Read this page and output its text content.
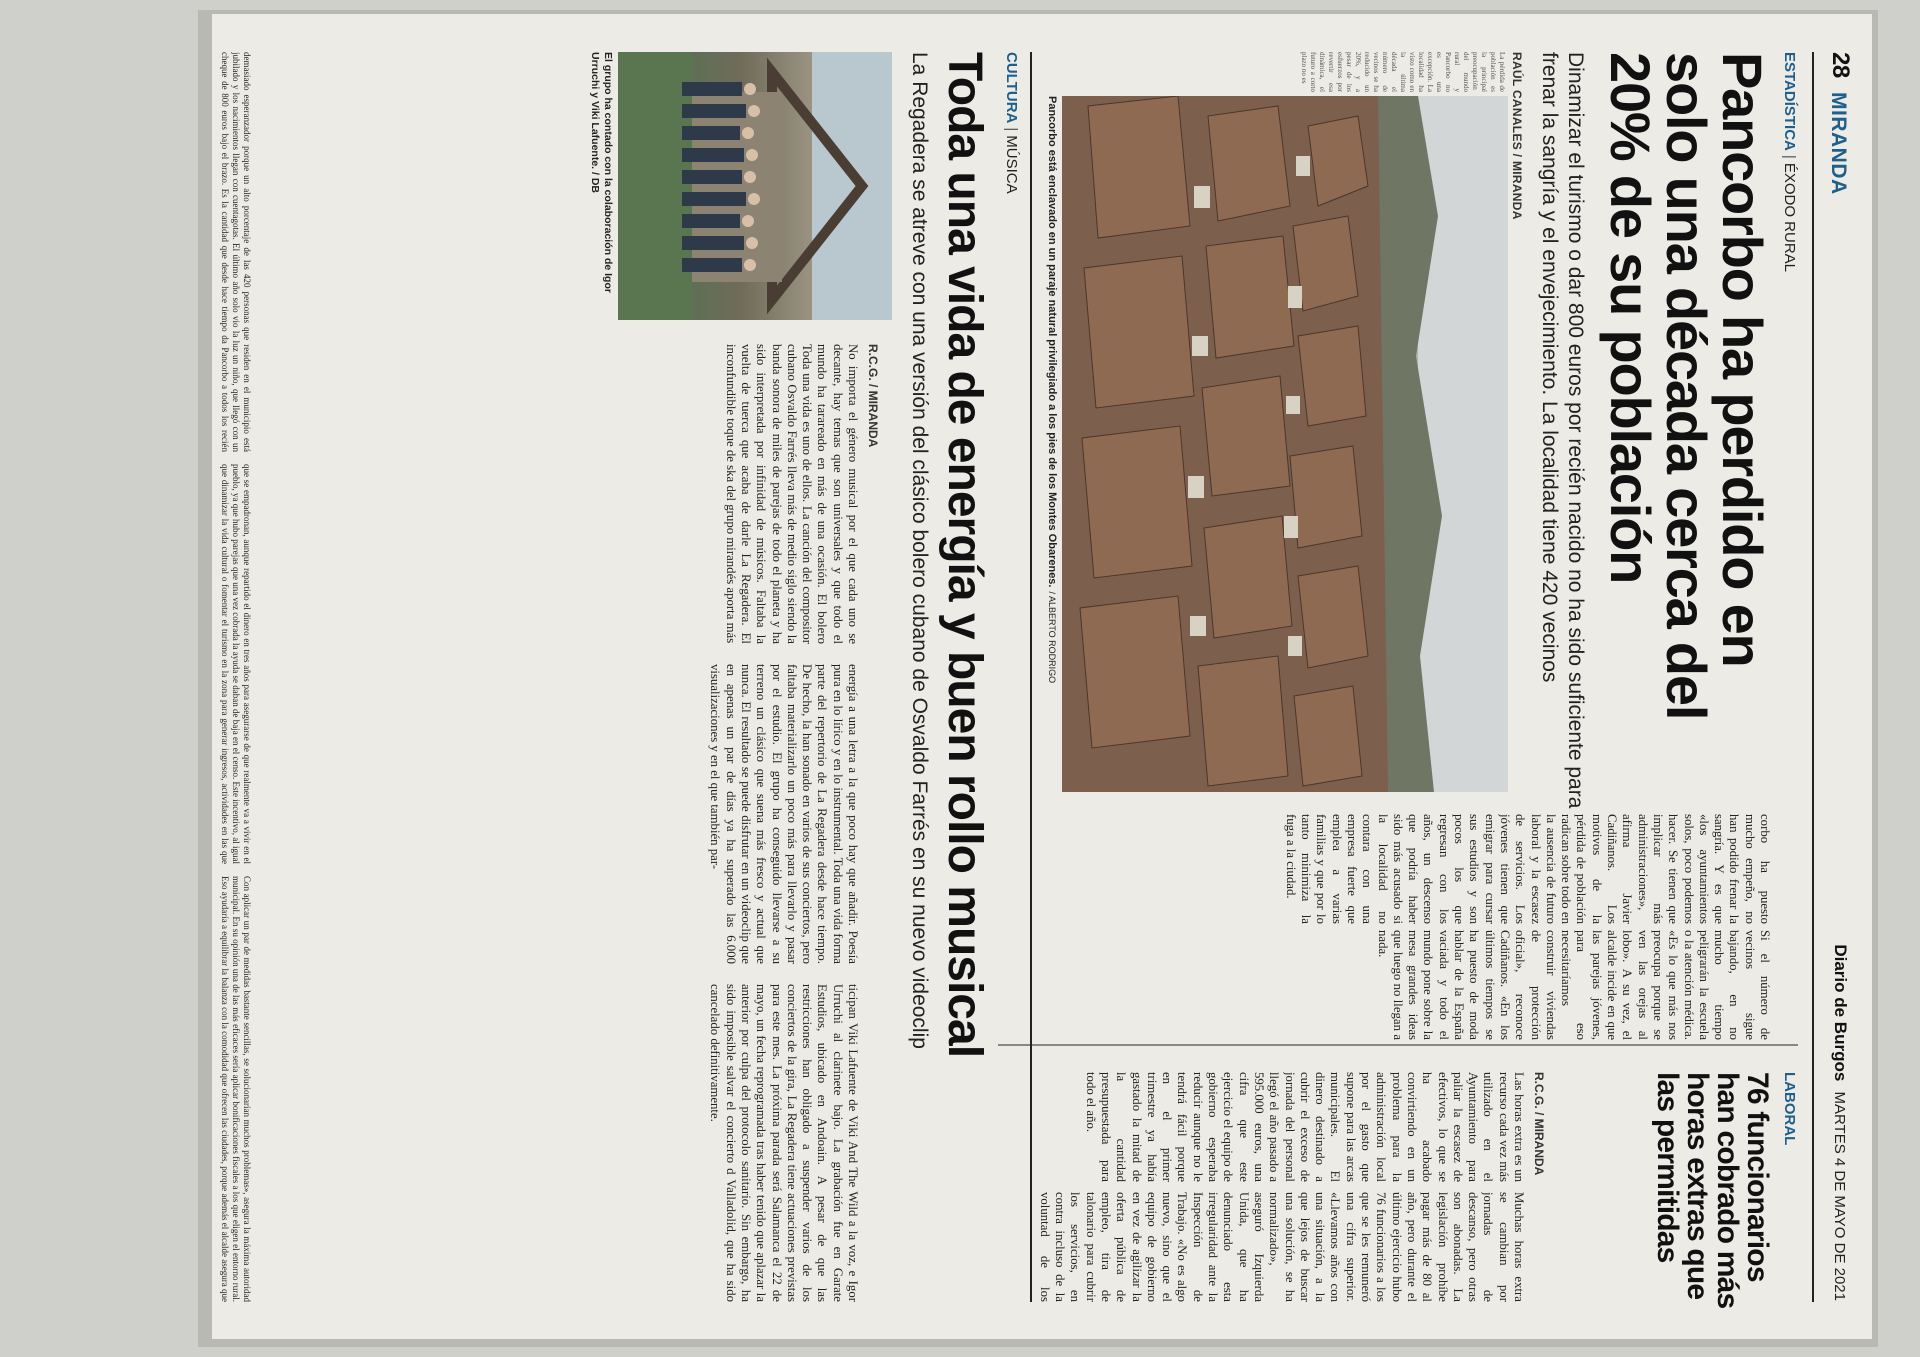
28
MIRANDA
Diario de Burgos MARTES 4 DE MAYO DE 2021
ESTADÍSTICA|ÉXODO RURAL
Pancorbo ha perdido en solo una década cerca del 20% de su población
Dinamizar el turismo o dar 800 euros por recién nacido no ha sido suficiente para frenar la sangría y el envejecimiento. La localidad tiene 420 vecinos
RAÚL CANALES / MIRANDA
Pancorbo está enclavado en un paraje natural privilegiado a los pies de los Montes Obarenes./ ALBERTO RODRIGO
LABORAL
76 funcionarios han cobrado más horas extras que las permitidas
R.C.G. / MIRANDA
Las horas extra es un recurso cada vez más utilizado en el Ayuntamiento para paliar la escasez de efectivos, lo que se ha acabado convirtiendo en un problema para la administración local por el gasto que supone para las arcas municipales. El dinero destinado a cubrir el exceso de jornada del personal llegó el año pasado a 595.000 euros, una cifra que este ejercicio el equipo de gobierno esperaba reducir aunque no le tendrá fácil porque en el primer trimestre ya había gastado la mitad de la cantidad presupuestada para todo el año.
Muchas horas extra se cambian por jornadas de descanso, pero otras son abonadas. La legislación prohíbe pagar más de 80 al año, pero durante el último ejercicio hubo 76 funcionarios a los que se les remuneró una cifra superior. «Llevamos años con una situación, a la que lejos de buscar una solución, se ha normalizado», aseguró Izquierda Unida, que ha denunciado esta irregularidad ante la Inspección de Trabajo. «No es algo nuevo, sino que el equipo de gobierno en vez de agilizar la oferta pública de empleo, tira de talonario para cubrir los servicios, en contra incluso de la voluntad de los
corbo ha puesto mucho empeño, no han podido frenar la sangría. Y es que «los ayuntamientos solos, poco podemos hacer. Se tienen que implicar más administraciones», afirma Javier Cadiñanos. Los motivos de la pérdida de población radican sobre todo en la ausencia de futuro laboral y la escasez de servicios. Los jóvenes tienen que emigrar para cursar sus estudios y son pocos los que regresan con los años, un descenso que podría haber sido más acusado si la localidad no contara con una empresa fuerte que emplea a varias familias y que por lo tanto minimiza la fuga a la ciudad.
Si el número de vecinos sigue bajando, en no mucho tiempo peligrarán la escuela o la atención médica. «Es lo que más nos preocupa porque se ven las orejas al lobo». A su vez, el alcalde incide en que las parejas jóvenes, para eso necesitaríamos construir viviendas de protección oficial», reconoce Cadiñanos. «En los últimos tiempos se ha puesto de moda hablar de la España vaciada y todo el mundo pone sobre la mesa grandes ideas que luego no llegan a nada.
CULTURA|MÚSICA
Toda una vida de energía y buen rollo musical
La Regadera se atreve con una versión del clásico bolero cubano de Osvaldo Farrés en su nuevo videoclip
El grupo ha contado con la colaboración de Igor Urruchi y Viki Lafuente. / DB
R.C.G. / MIRANDA
No importa el género musical por el que cada uno se decante, hay temas que son universales y que todo el mundo ha tarareado en más de una ocasión. El bolero Toda una vida es uno de ellos. La canción del compositor cubano Osvaldo Farrés lleva más de medio siglo siendo la banda sonora de miles de parejas de todo el planeta y ha sido interpretada por infinidad de músicos. Faltaba la vuelta de tuerca que acaba de darle La Regadera. El inconfundible toque de ska del grupo mirandés aporta más
energía a una letra a la que poco hay que añadir. Poesía pura en lo lírico y en lo instrumental. Toda una vida forma parte del repertorio de La Regadera desde hace tiempo. De hecho, la han sonado en varios de sus conciertos, pero faltaba materializarlo un poco más para llevarlo y pasar por el estudio. El grupo ha conseguido llevarse a su terreno un clásico que suena más fresco y actual que nunca. El resultado se puede disfrutar en un videoclip que en apenas un par de días ya ha superado las 6.000 visualizaciones y en el que también par-
ticipan Viki Lafuente de Viki And The Wild a la voz, e Igor Urruchi al clarinete bajo. La grabación fue en Garate Estudios, ubicado en Andoain. A pesar de que las restricciones han obligado a suspender varios de los conciertos de la gira, La Regadera tiene actuaciones previstas para este mes. La próxima parada será Salamanca el 22 de mayo, un fecha reprogramada tras haber tenido que aplazar la anterior por culpa del protocolo sanitario. Sin embargo, ha sido imposible salvar el concierto d Valladolid, que ha sido cancelado definitivamente.
La pérdida de población es la principal preocupación del mundo rural y Pancorbo no es una excepción. La localidad ha visto como en la última década el número de vecinos se ha reducido un 20%, y a pesar de los esfuerzos por revertir esa dinámica, el futuro a corto plazo no es
demasiado esperanzador porque un alto porcentaje de las 420 personas que residen en el municipio está jubilado y los nacimientos llegan con cuentagotas. El último año solo vio la luz un niño, que llegó con un cheque de 800 euros bajo el brazo. Es la cantidad que desde hace tiempo da Pancorbo a todos los recién
que se empadronan, aunque repartido el dinero en tres años para asegurarse de que realmente va a vivir en el pueblo, ya que hubo parejas que una vez cobrada la ayuda se daban de baja en el censo. Este incentivo, al igual que dinamizar la vida cultural o fomentar el turismo en la zona para generar ingresos, actividades en las que
Con aplicar un par de medidas bastante sencillas, se solucionarían muchos problemas», asegura la máxima autoridad municipal. En su opinión una de las más eficaces sería aplicar bonificaciones fiscales a los que eligen el entorno rural. Eso ayudaría a equilibrar la balanza con la comodidad que ofrecen las ciudades, porque además el alcalde asegura que
